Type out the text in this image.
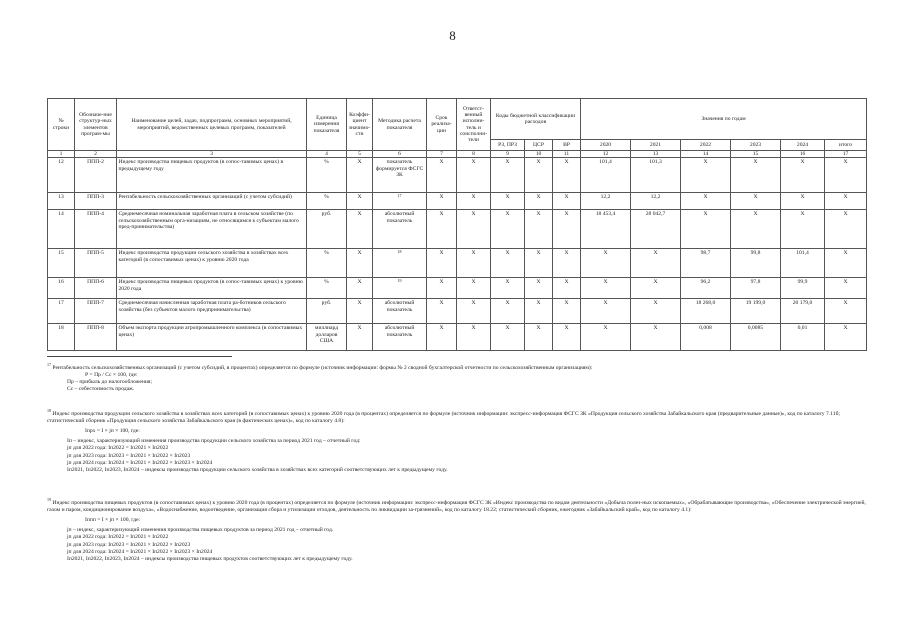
8
№ строки	Обозначе-ние структур-ных элементов програм-мы	Наименование целей, задач, подпрограмм, основных мероприятий, мероприятий, ведомственных целевых программ, показателей	Единица измерения показателя	Коэффи-циент значимо-сти	Методика расчета показателя	Срок реализа-ции	Ответст-венный исполни-тель и соисполни-тели	Коды бюджетной классификации расходов			Значения по годам					
								РЗ, ПРЗ	ЦСР	ВР	2020	2021	2022	2023	2024	итого
1	2	3	4	5	6	7	8	9	10	11	12	13	14	15	16	17
12	ППП-2	Индекс производства пищевых продуктов (в сопос-тавимых ценах) в предыдущему году	%	X	показатель формируется ФСГС ЗК	X	X	X	X	X	101,4	101,3	X	X	X	X
13	ППП-3	Рентабельность сельскохозяйственных организаций (с учетом субсидий)	%	X	$^{17}$	X	X	X	X	X	12,2	12,2	X	X	X	X
14	ППП-4	Среднемесячная номинальная заработная плата в сельском хозяйстве (по сельскохозяйственным орга-низациям, не относящимся к субъектам малого пред-принимательства)	руб.	X	абсолютный показатель	X	X	X	X	X	18 453,4	28 042,7	X	X	X	X
15	ППП-5	Индекс производства продукции сельского хозяйства в хозяйствах всех категорий (в сопоставимых ценах) к уровню 2020 года	%	X	$^{18}$	X	X	X	X	X	X	X	98,7	99,8	101,4	X
16	ППП-6	Индекс производства пищевых продуктов (в сопос-тавимых ценах) к уровню 2020 года	%	X	$^{19}$	X	X	X	X	X	X	X	96,2	97,8	99,9	X
17	ППП-7	Среднемесячная начисленная заработная плата ра-ботников сельского хозяйства (без субъектов малого предпринимательства)	руб.	X	абсолютный показатель	X	X	X	X	X	X	X	18 268,0	19 199,0	20 179,0	X
18	ППП-8	Объем экспорта продукции агропромышленного комплекса (в сопоставимых ценах)	миллиард долларов США	X	абсолютный показатель	X	X	X	X	X	X	X	0,008	0,0085	0,01	X

$^{17}$ Рентабельность сельскохозяйственных организаций (с учетом субсидий, в процентах) определяется по формуле (источник информации: формы № 2 сводной бухгалтерской отчетности по сельскохозяйственным организациям):

Р = Пр / Сс × 100, где:

Пр – прибыль до налогообложения;

Сс – себестоимость продаж.

$^{18}$ Индекс производства продукции сельского хозяйства в хозяйствах всех категорий (в сопоставимых ценах) к уровню 2020 года (в процентах) определяется по формуле (источник информации: экспресс-информация ФСГС ЗК «Продукция сельского хозяйства Забайкальского края (предварительные данные)», код по каталогу 7.11б; статистический сборник «Продукция сельского хозяйства Забайкальского края (в фактических ценах)», код по каталогу 4.8):

Iпрх = I × jп × 100, где:

Iп – индекс, характеризующий изменения производства продукции сельского хозяйства за период 2021 год – отчетный год:

jп для 2022 года: Iп2022 = Iп2021 × Iп2022

jп для 2023 года: Iп2023 = Iп2021 × Iп2022 × Iп2023

jп для 2024 года: Iп2024 = Iп2021 × Iп2022 × Iп2023 × Iп2024

Iп2021, Iп2022, Iп2023, Iп2024 – индексы производства продукции сельского хозяйства в хозяйствах всех категорий соответствующих лет к предыдущему году.

$^{19}$ Индекс производства пищевых продуктов (в сопоставимых ценах) к уровню 2020 года (в процентах) определяется по формуле (источник информации: экспресс-информация ФСГС ЗК «Индекс производства по видам деятельности «Добыча полез-ных ископаемых», «Обрабатывающие производства», «Обеспечение электрической энергией, газом и паром, кондиционирование воздуха», «Водоснабжение, водоотведение, организация сбора и утилизации отходов, деятельность по ликвидации за-грязнений», код по каталогу 18.22; статистический сборник, ежегодник «Забайкальский край», код по каталогу 4.1):

Iппп = I × jп × 100, где:

jп – индекс, характеризующий изменения производства пищевых продуктов за период 2021 год – отчетный год.

jп для 2022 года: Iп2022 = Iп2021 × Iп2022

jп для 2023 года: Iп2023 = Iп2021 × Iп2022 × Iп2023

jп для 2024 года: Iп2024 = Iп2021 × Iп2022 × Iп2023 × Iп2024

Iп2021, Iп2022, Iп2023, Iп2024 – индексы производства пищевых продуктов соответствующих лет к предыдущему году.
